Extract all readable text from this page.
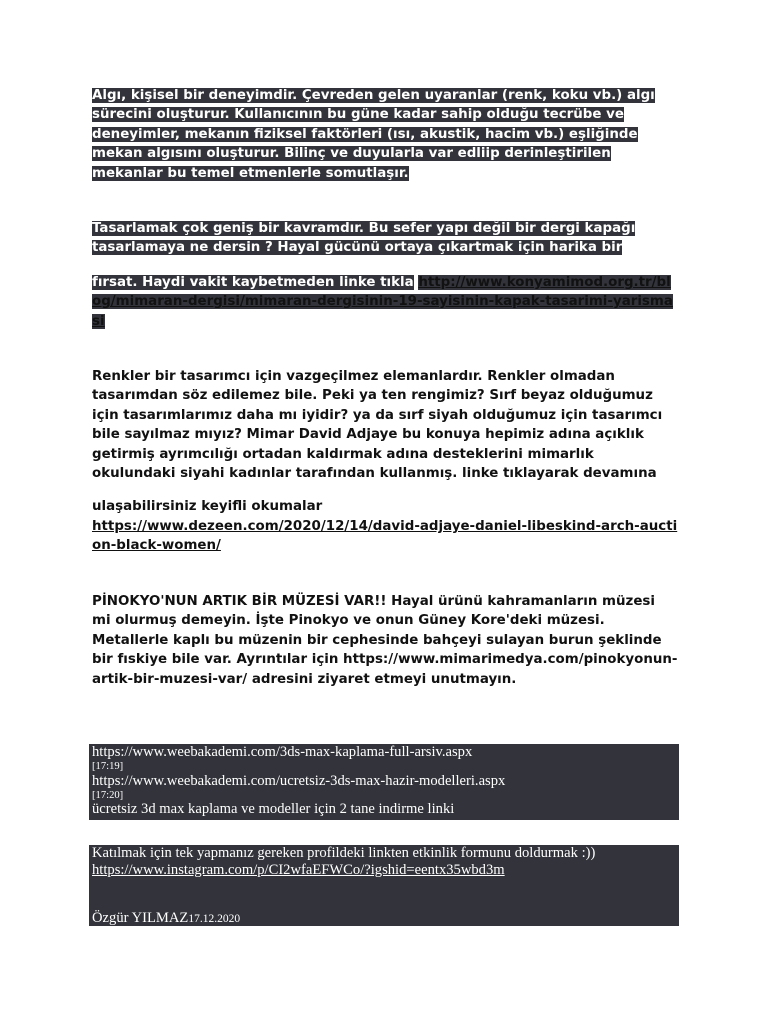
Algı, kişisel bir deneyimdir. Çevreden gelen uyaranlar (renk, koku vb.) algı sürecini oluşturur. Kullanıcının bu güne kadar sahip olduğu tecrübe ve deneyimler, mekanın fiziksel faktörleri (ısı, akustik, hacim vb.) eşliğinde mekan algısını oluşturur. Bilinç ve duyularla var edliip derinleştirilen mekanlar bu temel etmenlerle somutlaşır.
Tasarlamak çok geniş bir kavramdır. Bu sefer yapı değil bir dergi kapağı tasarlamaya ne dersin ? Hayal gücünü ortaya çıkartmak için harika bir
fırsat. Haydi vakit kaybetmeden linke tıkla http://www.konyamimod.org.tr/blog/mimaran-dergisi/mimaran-dergisinin-19-sayisinin-kapak-tasarimi-yarismasi
Renkler bir tasarımcı için vazgeçilmez elemanlardır. Renkler olmadan tasarımdan söz edilemez bile. Peki ya ten rengimiz? Sırf beyaz olduğumuz için tasarımlarımız daha mı iyidir? ya da sırf siyah olduğumuz için tasarımcı bile sayılmaz mıyız? Mimar David Adjaye bu konuya hepimiz adına açıklık getirmiş ayrımcılığı ortadan kaldırmak adına desteklerini mimarlık okulundaki siyahi kadınlar tarafından kullanmış. linke tıklayarak devamına
ulaşabilirsiniz keyifli okumalar
https://www.dezeen.com/2020/12/14/david-adjaye-daniel-libeskind-arch-auction-black-women/
PİNOKYO'NUN ARTIK BİR MÜZESİ VAR!! Hayal ürünü kahramanların müzesi mi olurmuş demeyin. İşte Pinokyo ve onun Güney Kore'deki müzesi. Metallerle kaplı bu müzenin bir cephesinde bahçeyi sulayan burun şeklinde bir fıskiye bile var. Ayrıntılar için https://www.mimarimedya.com/pinokyonun-artik-bir-muzesi-var/ adresini ziyaret etmeyi unutmayın.
https://www.weebakademi.com/3ds-max-kaplama-full-arsiv.aspx
[17:19]
https://www.weebakademi.com/ucretsiz-3ds-max-hazir-modelleri.aspx
[17:20]
ücretsiz 3d max kaplama ve modeller için 2 tane indirme linki
Katılmak için tek yapmanız gereken profildeki linkten etkinlik formunu doldurmak :))
https://www.instagram.com/p/CI2wfaEFWCo/?igshid=eentx35wbd3m
Özgür YILMAZ17.12.2020
